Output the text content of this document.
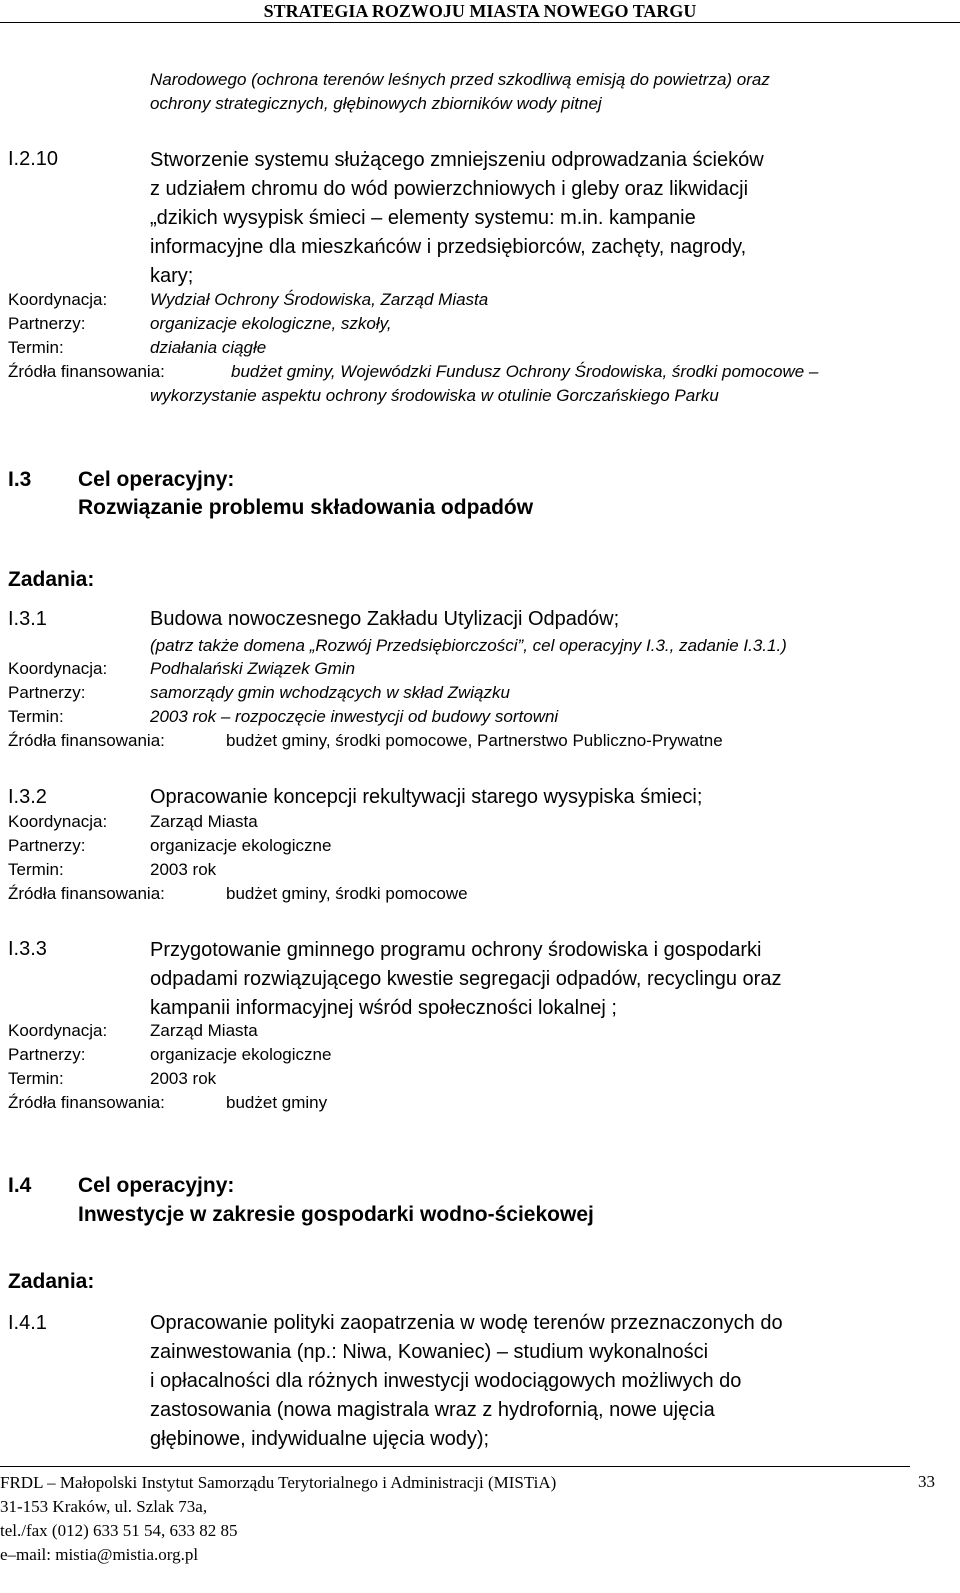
STRATEGIA ROZWOJU MIASTA NOWEGO TARGU
Narodowego (ochrona terenów leśnych przed szkodliwą emisją do powietrza) oraz
ochrony strategicznych, głębinowych zbiorników wody pitnej
I.2.10	Stworzenie systemu służącego zmniejszeniu odprowadzania ścieków
z udziałem chromu do wód powierzchniowych i gleby oraz likwidacji
„dzikich wysypisk śmieci – elementy systemu: m.in. kampanie
informacyjne dla mieszkańców i przedsiębiorców, zachęty, nagrody,
kary;
Koordynacja:	Wydział Ochrony Środowiska, Zarząd Miasta
Partnerzy:	organizacje ekologiczne, szkoły,
Termin:	działania ciągłe
Źródła finansowania:	budżet gminy, Wojewódzki Fundusz Ochrony Środowiska, środki pomocowe –
wykorzystanie aspektu ochrony środowiska w otulinie Gorczańskiego Parku
I.3 Cel operacyjny:
Rozwiązanie problemu składowania odpadów
Zadania:
I.3.1	Budowa nowoczesnego Zakładu Utylizacji Odpadów;
(patrz także domena „Rozwój Przedsiębiorczości”, cel operacyjny I.3., zadanie I.3.1.)
Koordynacja:	Podhalański Związek Gmin
Partnerzy:	samorządy gmin wchodzących w skład Związku
Termin:	2003 rok – rozpoczęcie inwestycji od budowy sortowni
Źródła finansowania:	budżet gminy, środki pomocowe, Partnerstwo Publiczno-Prywatne
I.3.2	Opracowanie koncepcji rekultywacji starego wysypiska śmieci;
Koordynacja:	Zarząd Miasta
Partnerzy:	organizacje ekologiczne
Termin:	2003 rok
Źródła finansowania:	budżet gminy, środki pomocowe
I.3.3	Przygotowanie gminnego programu ochrony środowiska i gospodarki
odpadami rozwiązującego kwestie segregacji odpadów, recyclingu oraz
kampanii informacyjnej wśród społeczności lokalnej ;
Koordynacja:	Zarząd Miasta
Partnerzy:	organizacje ekologiczne
Termin:	2003 rok
Źródła finansowania:	budżet gminy
I.4 Cel operacyjny:
Inwestycje w zakresie gospodarki wodno-ściekowej
Zadania:
I.4.1	Opracowanie polityki zaopatrzenia w wodę terenów przeznaczonych do
zainwestowania (np.: Niwa, Kowaniec) – studium wykonalności
i opłacalności dla różnych inwestycji wodociągowych możliwych do
zastosowania (nowa magistrala wraz z hydrofornią, nowe ujęcia
głębinowe, indywidualne ujęcia wody);
FRDL – Małopolski Instytut Samorządu Terytorialnego i Administracji (MISTiA)
31-153 Kraków, ul. Szlak 73a,
tel./fax (012) 633 51 54, 633 82 85
e–mail: mistia@mistia.org.pl
33
